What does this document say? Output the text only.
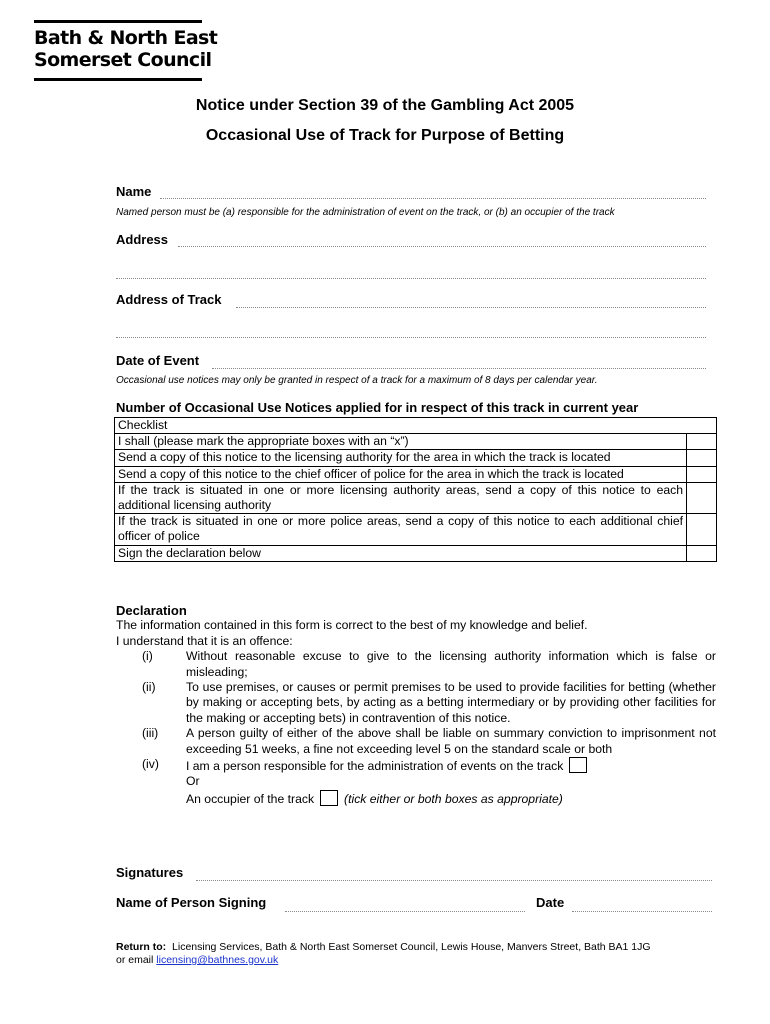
Bath & North East
Somerset Council
Notice under Section 39 of the Gambling Act 2005
Occasional Use of Track for Purpose of Betting
Name
Named person must be (a) responsible for the administration of event on the track, or (b) an occupier of the track
Address
Address of Track
Date of Event
Occasional use notices may only be granted in respect of a track for a maximum of 8 days per calendar year.
Number of Occasional Use Notices applied for in respect of this track in current year
Checklist	
I shall (please mark the appropriate boxes with an “x”)	
Send a copy of this notice to the licensing authority for the area in which the track is located	
Send a copy of this notice to the chief officer of police for the area in which the track is located	
If the track is situated in one or more licensing authority areas, send a copy of this notice to each additional licensing authority	
If the track is situated in one or more police areas, send a copy of this notice to each additional chief officer of police	
Sign the declaration below	
Declaration
The information contained in this form is correct to the best of my knowledge and belief.
I understand that it is an offence:
(i)	Without reasonable excuse to give to the licensing authority information which is false or misleading;
(ii) To use premises, or causes or permit premises to be used to provide facilities for betting (whether by making or accepting bets, by acting as a betting intermediary or by providing other facilities for the making or accepting bets) in contravention of this notice.
(iii) A person guilty of either of the above shall be liable on summary conviction to imprisonment not exceeding 51 weeks, a fine not exceeding level 5 on the standard scale or both
(iv) I am a person responsible for the administration of events on the track
Or
An occupier of the track (tick either or both boxes as appropriate)
Signatures
Name of Person Signing	Date
Return to: Licensing Services, Bath & North East Somerset Council, Lewis House, Manvers Street, Bath BA1 1JG
or email licensing@bathnes.gov.uk
